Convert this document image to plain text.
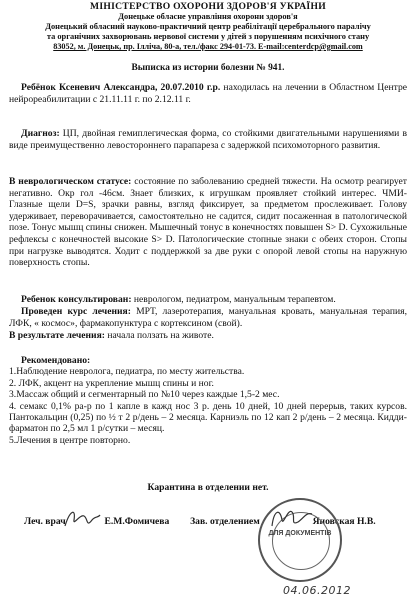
МІНІСТЕРСТВО ОХОРОНИ ЗДОРОВ'Я УКРАЇНИ
Донецьке обласне управління охорони здоров'я
Донецький обласний науково-практичний центр реабілітації церебрального паралічу
та органічних захворювань нервової системи у дітей з порушенням психічного стану
83052, м. Донецьк, пр. Ілліча, 80-а, тел./факс 294-01-73. E-mail:centerdcp@gmail.com
Выписка из истории болезни № 941.
Ребёнок Ксеневич Александра, 20.07.2010 г.р. находилась на лечении в Областном Центре нейрореабилитации с 21.11.11 г. по 2.12.11 г.
Диагноз: ЦП, двойная гемиплегическая форма, со стойкими двигательными нарушениями в виде преимущественно левостороннего парапареза с задержкой психомоторного развития.
В неврологическом статусе: состояние по заболеванию средней тяжести. На осмотр реагирует негативно. Окр гол -46см. Знает близких, к игрушкам проявляет стойкий интерес. ЧМИ- Глазные щели D=S, зрачки равны, взгляд фиксирует, за предметом прослеживает. Голову удерживает, переворачивается, самостоятельно не садится, сидит посаженная в патологической позе. Тонус мышц спины снижен. Мышечный тонус в конечностях повышен S> D. Сухожильные рефлексы с конечностей высокие S> D. Патологические стопные знаки с обеих сторон. Стопы при нагрузке выводятся. Ходит с поддержкой за две руки с опорой левой стопы на наружную поверхность стопы.
Ребенок консультирован: неврологом, педиатром, мануальным терапевтом.
Проведен курс лечения: МРТ, лазеротерапия, мануальная кровать, мануальная терапия, ЛФК, « космос», фармакопунктура с кортексином (свой).
В результате лечения: начала ползать на животе.
Рекомендовано:
1.Наблюдение невролога, педиатра, по месту жительства.
2. ЛФК, акцент на укрепление мышц спины и ног.
3.Массаж общий и сегментарный по №10 через каждые 1,5-2 мес.
4. семакс 0,1% ра-р по 1 капле в кажд нос 3 р. день 10 дней, 10 дней перерыв, таких курсов. Пантокальцин (0,25) по ½ т 2 р/день – 2 месяца. Карниэль по 12 кап 2 р/день – 2 месяца. Кидди-фарматон по 2,5 мл 1 р/сутки – месяц.
5.Лечения в центре повторно.
Карантина в отделении нет.
Леч. врач	Е.М.Фомичева Зав. отделением	Яновская Н.В.
ДЛЯ ДОКУМЕНТІВ
04.06.2012
